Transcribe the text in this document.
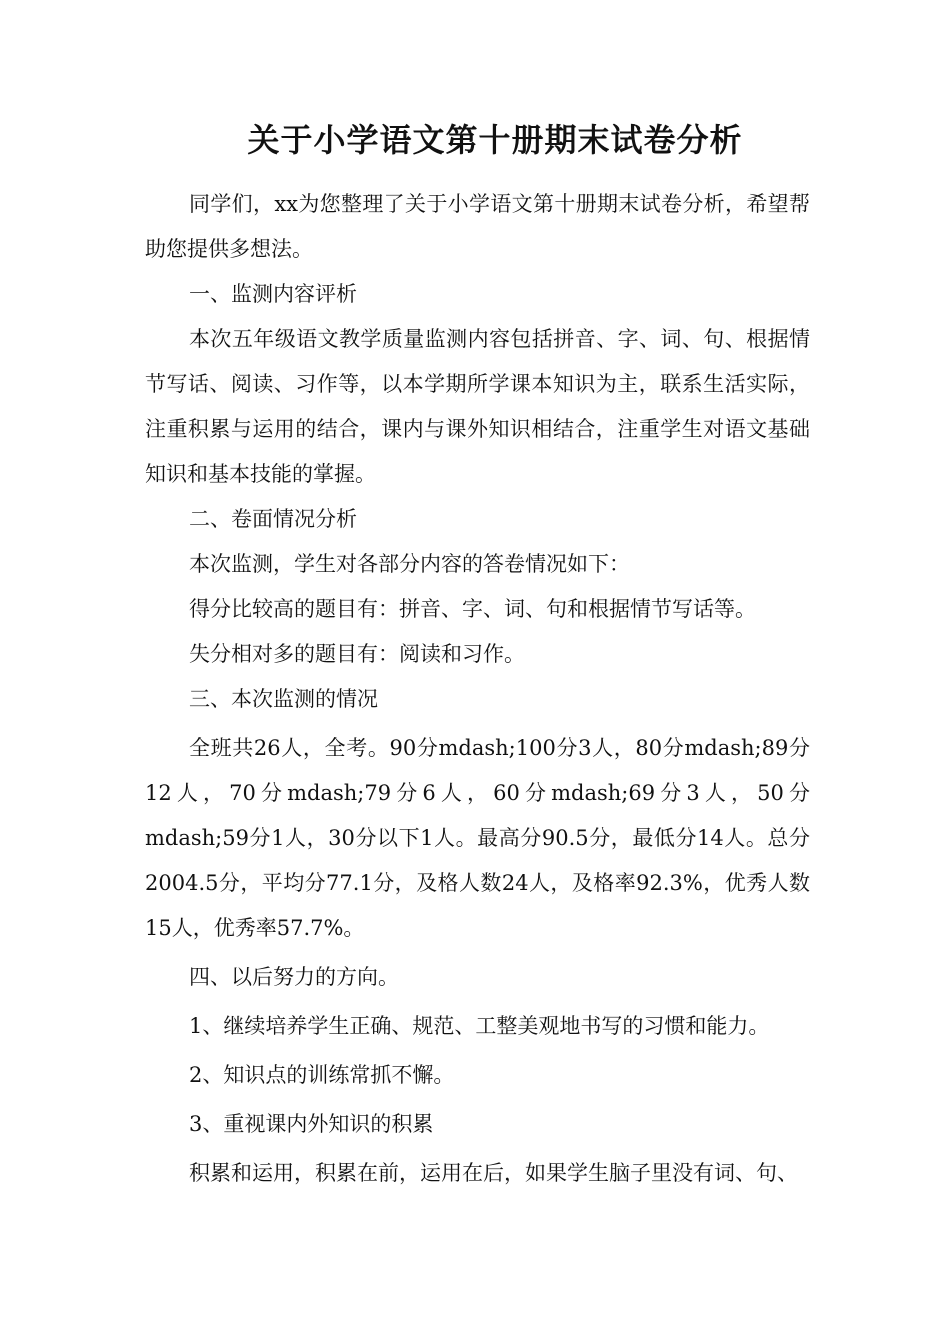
关于小学语文第十册期末试卷分析

同学们，xx为您整理了关于小学语文第十册期末试卷分析，希望帮助您提供多想法。

一、监测内容评析

本次五年级语文教学质量监测内容包括拼音、字、词、句、根据情节写话、阅读、习作等，以本学期所学课本知识为主，联系生活实际，注重积累与运用的结合，课内与课外知识相结合，注重学生对语文基础知识和基本技能的掌握。

二、卷面情况分析

本次监测，学生对各部分内容的答卷情况如下：

得分比较高的题目有：拼音、字、词、句和根据情节写话等。

失分相对多的题目有：阅读和习作。

三、本次监测的情况

全班共26人，全考。90分mdash;100分3人，80分mdash;89分12人，70分mdash;79分6人，60分mdash;69分3人，50分mdash;59分1人，30分以下1人。最高分90.5分，最低分14人。总分2004.5分，平均分77.1分，及格人数24人，及格率92.3%，优秀人数15人，优秀率57.7%。

四、以后努力的方向。

1、继续培养学生正确、规范、工整美观地书写的习惯和能力。

2、知识点的训练常抓不懈。

3、重视课内外知识的积累

积累和运用，积累在前，运用在后，如果学生脑子里没有词、句、
